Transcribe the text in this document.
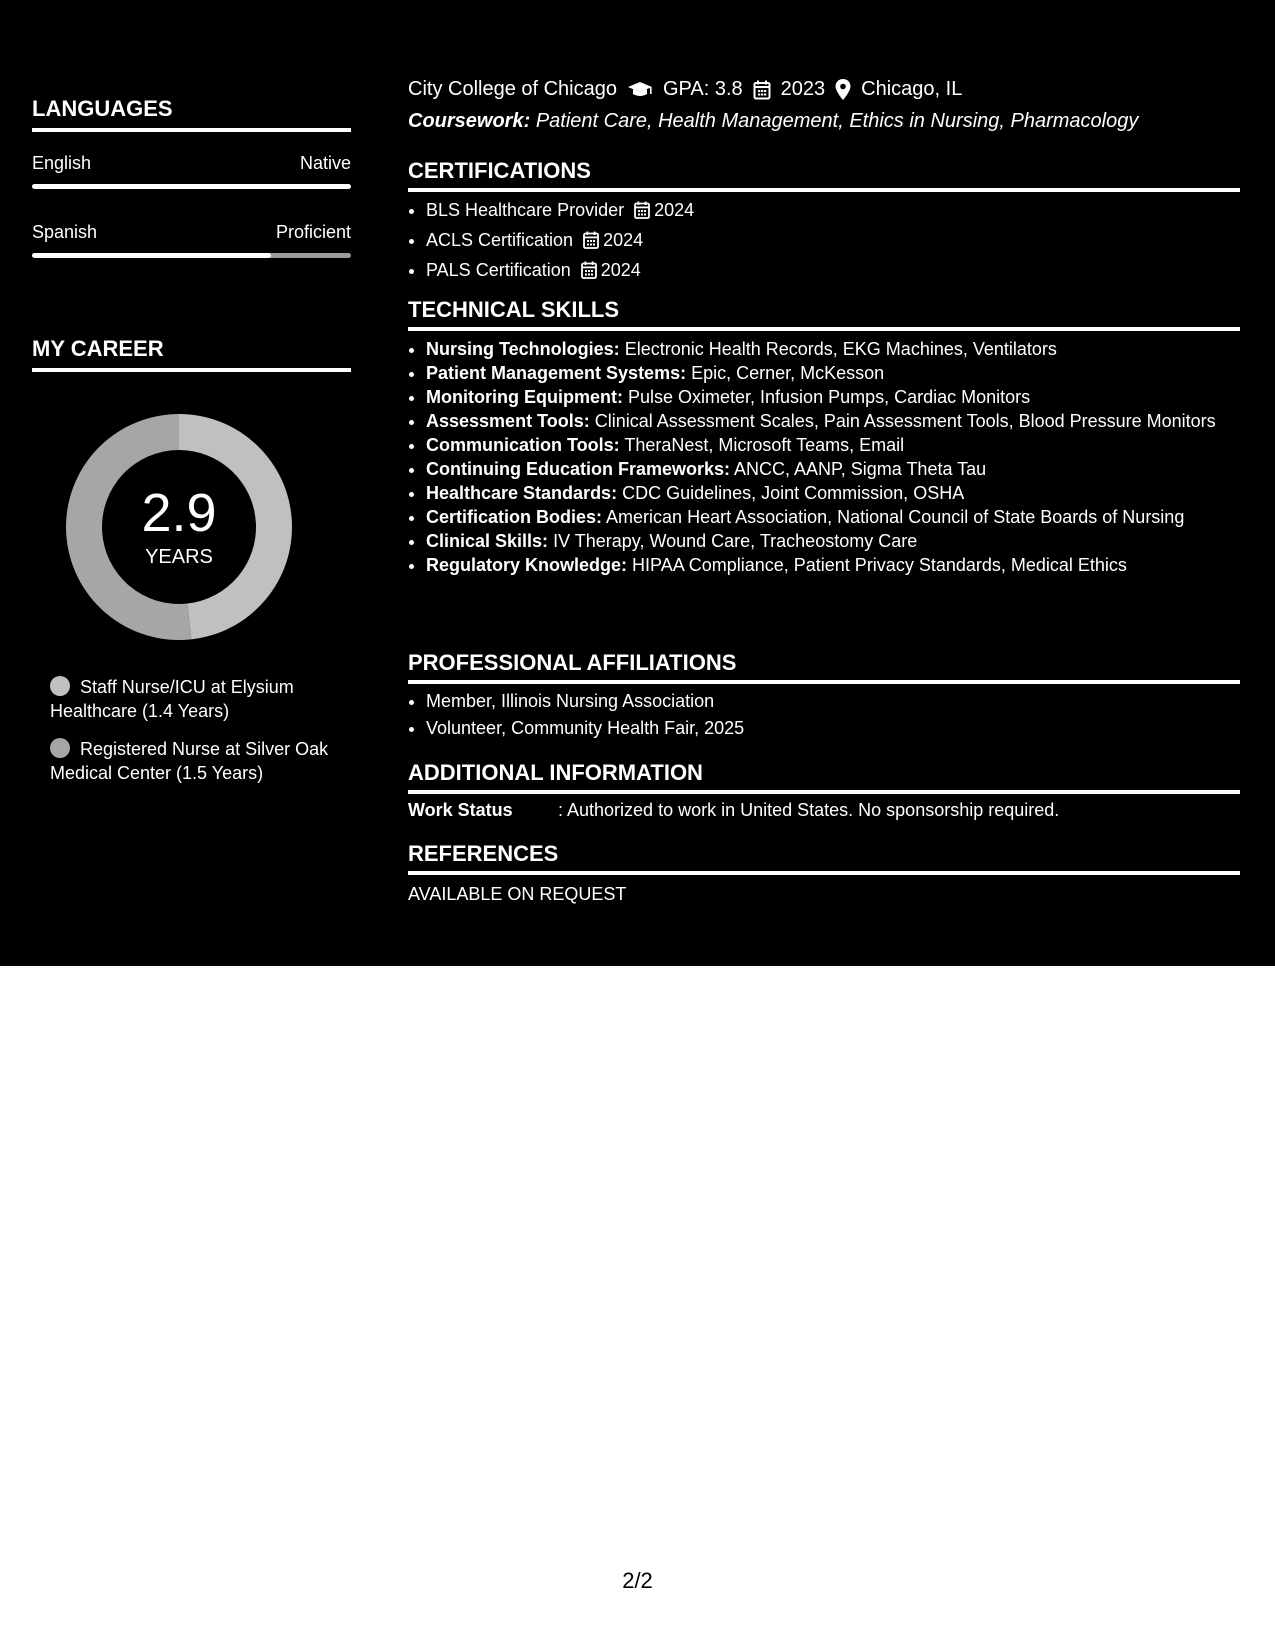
LANGUAGES
English	Native
Spanish	Proficient
MY CAREER
2.9
YEARS
Staff Nurse/ICU at Elysium Healthcare (1.4 Years)
Registered Nurse at Silver Oak Medical Center (1.5 Years)
City College of Chicago GPA: 3.8 2023 Chicago, IL
Coursework: Patient Care, Health Management, Ethics in Nursing, Pharmacology
CERTIFICATIONS
• BLS Healthcare Provider 2024
• ACLS Certification 2024
• PALS Certification 2024
TECHNICAL SKILLS
• Nursing Technologies: Electronic Health Records, EKG Machines, Ventilators
• Patient Management Systems: Epic, Cerner, McKesson
• Monitoring Equipment: Pulse Oximeter, Infusion Pumps, Cardiac Monitors
• Assessment Tools: Clinical Assessment Scales, Pain Assessment Tools, Blood Pressure Monitors
• Communication Tools: TheraNest, Microsoft Teams, Email
• Continuing Education Frameworks: ANCC, AANP, Sigma Theta Tau
• Healthcare Standards: CDC Guidelines, Joint Commission, OSHA
• Certification Bodies: American Heart Association, National Council of State Boards of Nursing
• Clinical Skills: IV Therapy, Wound Care, Tracheostomy Care
• Regulatory Knowledge: HIPAA Compliance, Patient Privacy Standards, Medical Ethics
PROFESSIONAL AFFILIATIONS
• Member, Illinois Nursing Association
• Volunteer, Community Health Fair, 2025
ADDITIONAL INFORMATION
Work Status	: Authorized to work in United States. No sponsorship required.
REFERENCES
AVAILABLE ON REQUEST
2/2
